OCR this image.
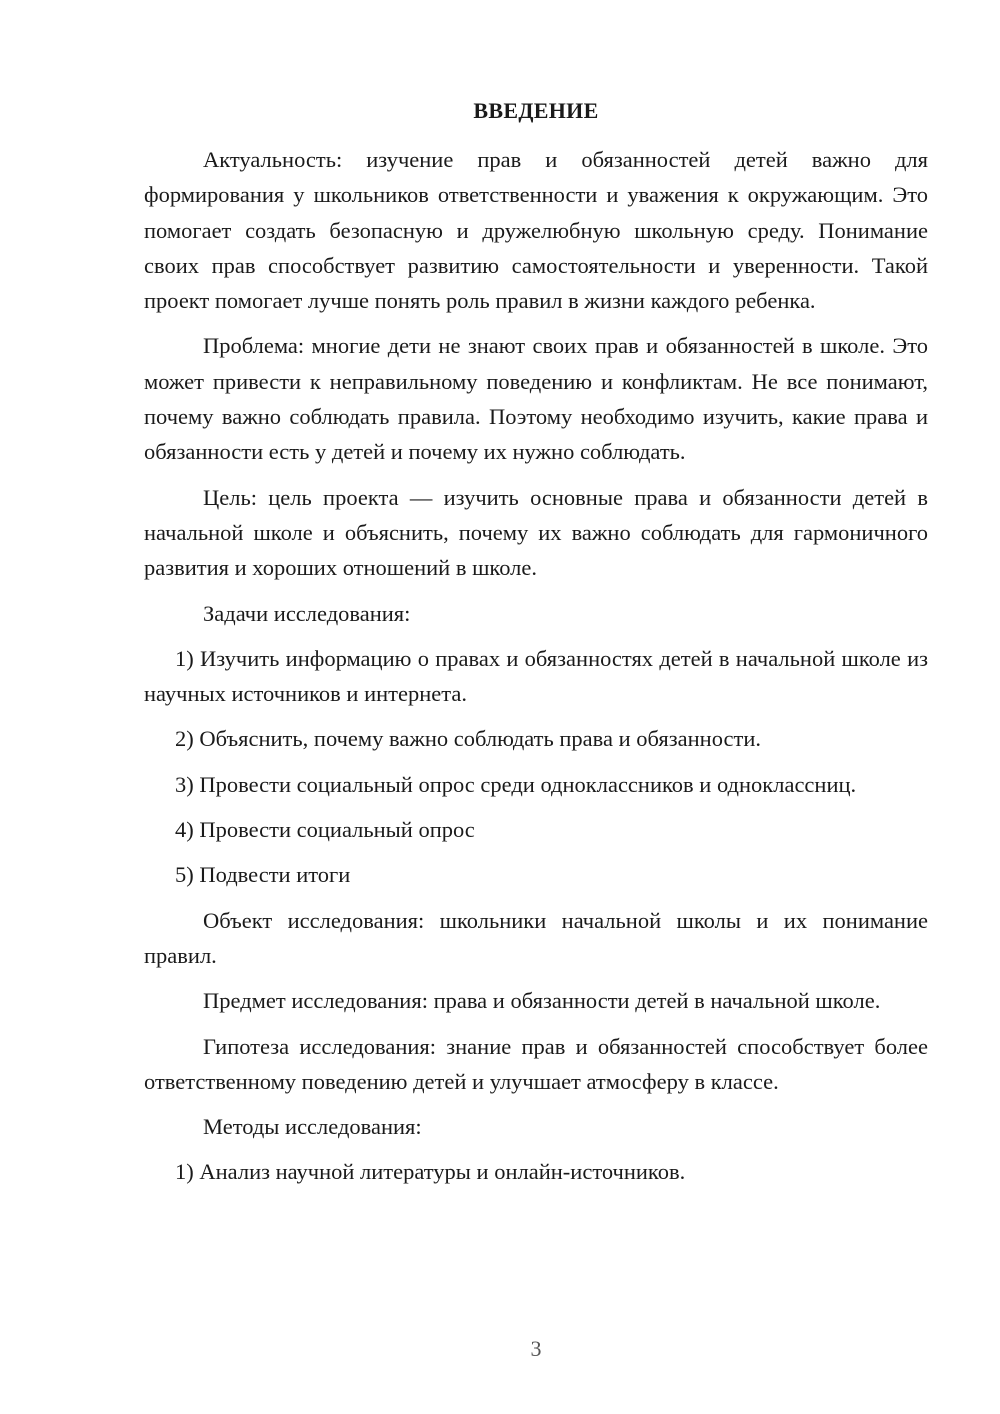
ВВЕДЕНИЕ

Актуальность: изучение прав и обязанностей детей важно для формирования у школьников ответственности и уважения к окружающим. Это помогает создать безопасную и дружелюбную школьную среду. Понимание своих прав способствует развитию самостоятельности и уверенности. Такой проект помогает лучше понять роль правил в жизни каждого ребенка.

Проблема: многие дети не знают своих прав и обязанностей в школе. Это может привести к неправильному поведению и конфликтам. Не все понимают, почему важно соблюдать правила. Поэтому необходимо изучить, какие права и обязанности есть у детей и почему их нужно соблюдать.

Цель: цель проекта — изучить основные права и обязанности детей в начальной школе и объяснить, почему их важно соблюдать для гармоничного развития и хороших отношений в школе.

Задачи исследования:

1) Изучить информацию о правах и обязанностях детей в начальной школе из научных источников и интернета.

2) Объяснить, почему важно соблюдать права и обязанности.

3) Провести социальный опрос среди одноклассников и одноклассниц.

4) Провести социальный опрос

5) Подвести итоги

Объект исследования: школьники начальной школы и их понимание правил.

Предмет исследования: права и обязанности детей в начальной школе.

Гипотеза исследования: знание прав и обязанностей способствует более ответственному поведению детей и улучшает атмосферу в классе.

Методы исследования:

1) Анализ научной литературы и онлайн-источников.

3
